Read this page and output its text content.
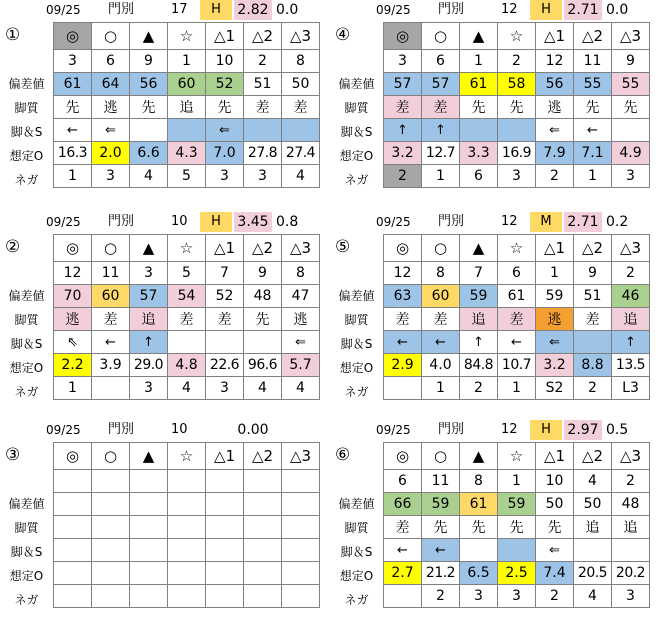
09/25 門別	17	H	2.82 0.0
①	◎	○	▲	☆	△1	△2	△3
3	6	9	1	10	2	8
61	64	56	60	52	51	50
先	逃	先	追	先	差	差
←	⇐			⇐		
16.3	2.0	6.6	4.3	7.0	27.8	27.4
1	3	4	5	3	3	4
偏差値
脚質
脚＆S
想定O
ネガ
09/25 門別	12	H	2.71 0.0
④	◎	○	▲	☆	△1	△2	△3
3	6	1	2	12	11	9
57	57	61	58	56	55	55
差	差	先	先	逃	先	先
↑	↑			⇐	←	
3.2	12.7	3.3	16.9	7.9	7.1	4.9
2	1	6	3	2	1	3
偏差値
脚質
脚＆S
想定O
ネガ
09/25 門別	10	H	3.45 0.8
②	◎	○	▲	☆	△1	△2	△3
12	11	3	5	7	9	8
70	60	57	54	52	48	47
逃	差	追	差	差	先	逃
⇖	←	↑				⇐
2.2	3.9	29.0	4.8	22.6	96.6	5.7
1		3	4	3	4	4
偏差値
脚質
脚＆S
想定O
ネガ
09/25 門別	12	M	2.71 0.2
⑤	◎	○	▲	☆	△1	△2	△3
12	8	7	6	1	9	2
63	60	59	61	59	51	46
差	差	追	差	逃	差	追
←	←	↑	←	⇐		↑
2.9	4.0	84.8	10.7	3.2	8.8	13.5
	1	2	1	S2	2	L3
偏差値
脚質
脚＆S
想定O
ネガ
09/25 門別	10	0.00
③	◎	○	▲	☆	△1	△2	△3

偏差値
脚質
脚＆S
想定O
ネガ
09/25 門別	12	H	2.97 0.5
⑥	◎	○	▲	☆	△1	△2	△3
6	11	8	1	10	4	2
66	59	61	59	50	50	48
差	先	先	先	先	追	追
←	←			⇐		
2.7	21.2	6.5	2.5	7.4	20.5	20.2
	2	3	3	2	4	3
偏差値
脚質
脚＆S
想定O
ネガ
